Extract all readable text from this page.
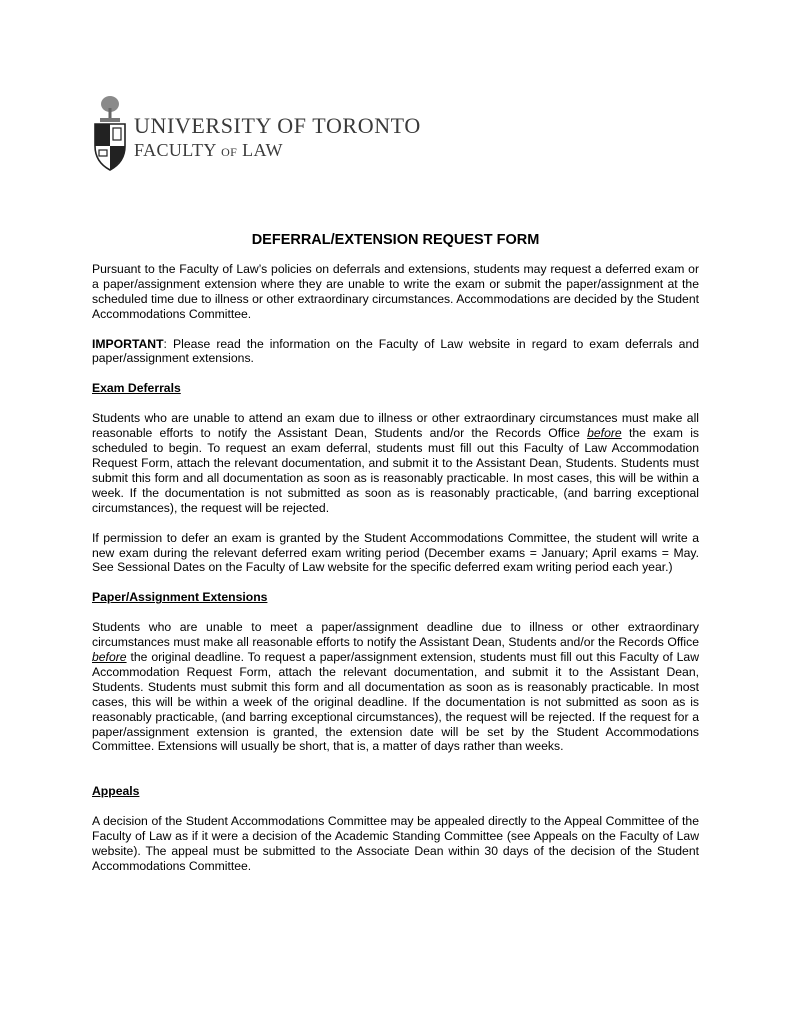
UNIVERSITY OF TORONTO
FACULTY OF LAW
DEFERRAL/EXTENSION REQUEST FORM

Pursuant to the Faculty of Law’s policies on deferrals and extensions, students may request a deferred exam or a paper/assignment extension where they are unable to write the exam or submit the paper/assignment at the scheduled time due to illness or other extraordinary circumstances. Accommodations are decided by the Student Accommodations Committee.

IMPORTANT: Please read the information on the Faculty of Law website in regard to exam deferrals and paper/assignment extensions.

Exam Deferrals

Students who are unable to attend an exam due to illness or other extraordinary circumstances must make all reasonable efforts to notify the Assistant Dean, Students and/or the Records Office before the exam is scheduled to begin. To request an exam deferral, students must fill out this Faculty of Law Accommodation Request Form, attach the relevant documentation, and submit it to the Assistant Dean, Students. Students must submit this form and all documentation as soon as is reasonably practicable. In most cases, this will be within a week. If the documentation is not submitted as soon as is reasonably practicable, (and barring exceptional circumstances), the request will be rejected.

If permission to defer an exam is granted by the Student Accommodations Committee, the student will write a new exam during the relevant deferred exam writing period (December exams = January; April exams = May. See Sessional Dates on the Faculty of Law website for the specific deferred exam writing period each year.)

Paper/Assignment Extensions

Students who are unable to meet a paper/assignment deadline due to illness or other extraordinary circumstances must make all reasonable efforts to notify the Assistant Dean, Students and/or the Records Office before the original deadline. To request a paper/assignment extension, students must fill out this Faculty of Law Accommodation Request Form, attach the relevant documentation, and submit it to the Assistant Dean, Students. Students must submit this form and all documentation as soon as is reasonably practicable. In most cases, this will be within a week of the original deadline. If the documentation is not submitted as soon as is reasonably practicable, (and barring exceptional circumstances), the request will be rejected. If the request for a paper/assignment extension is granted, the extension date will be set by the Student Accommodations Committee. Extensions will usually be short, that is, a matter of days rather than weeks.

Appeals

A decision of the Student Accommodations Committee may be appealed directly to the Appeal Committee of the Faculty of Law as if it were a decision of the Academic Standing Committee (see Appeals on the Faculty of Law website). The appeal must be submitted to the Associate Dean within 30 days of the decision of the Student Accommodations Committee.
